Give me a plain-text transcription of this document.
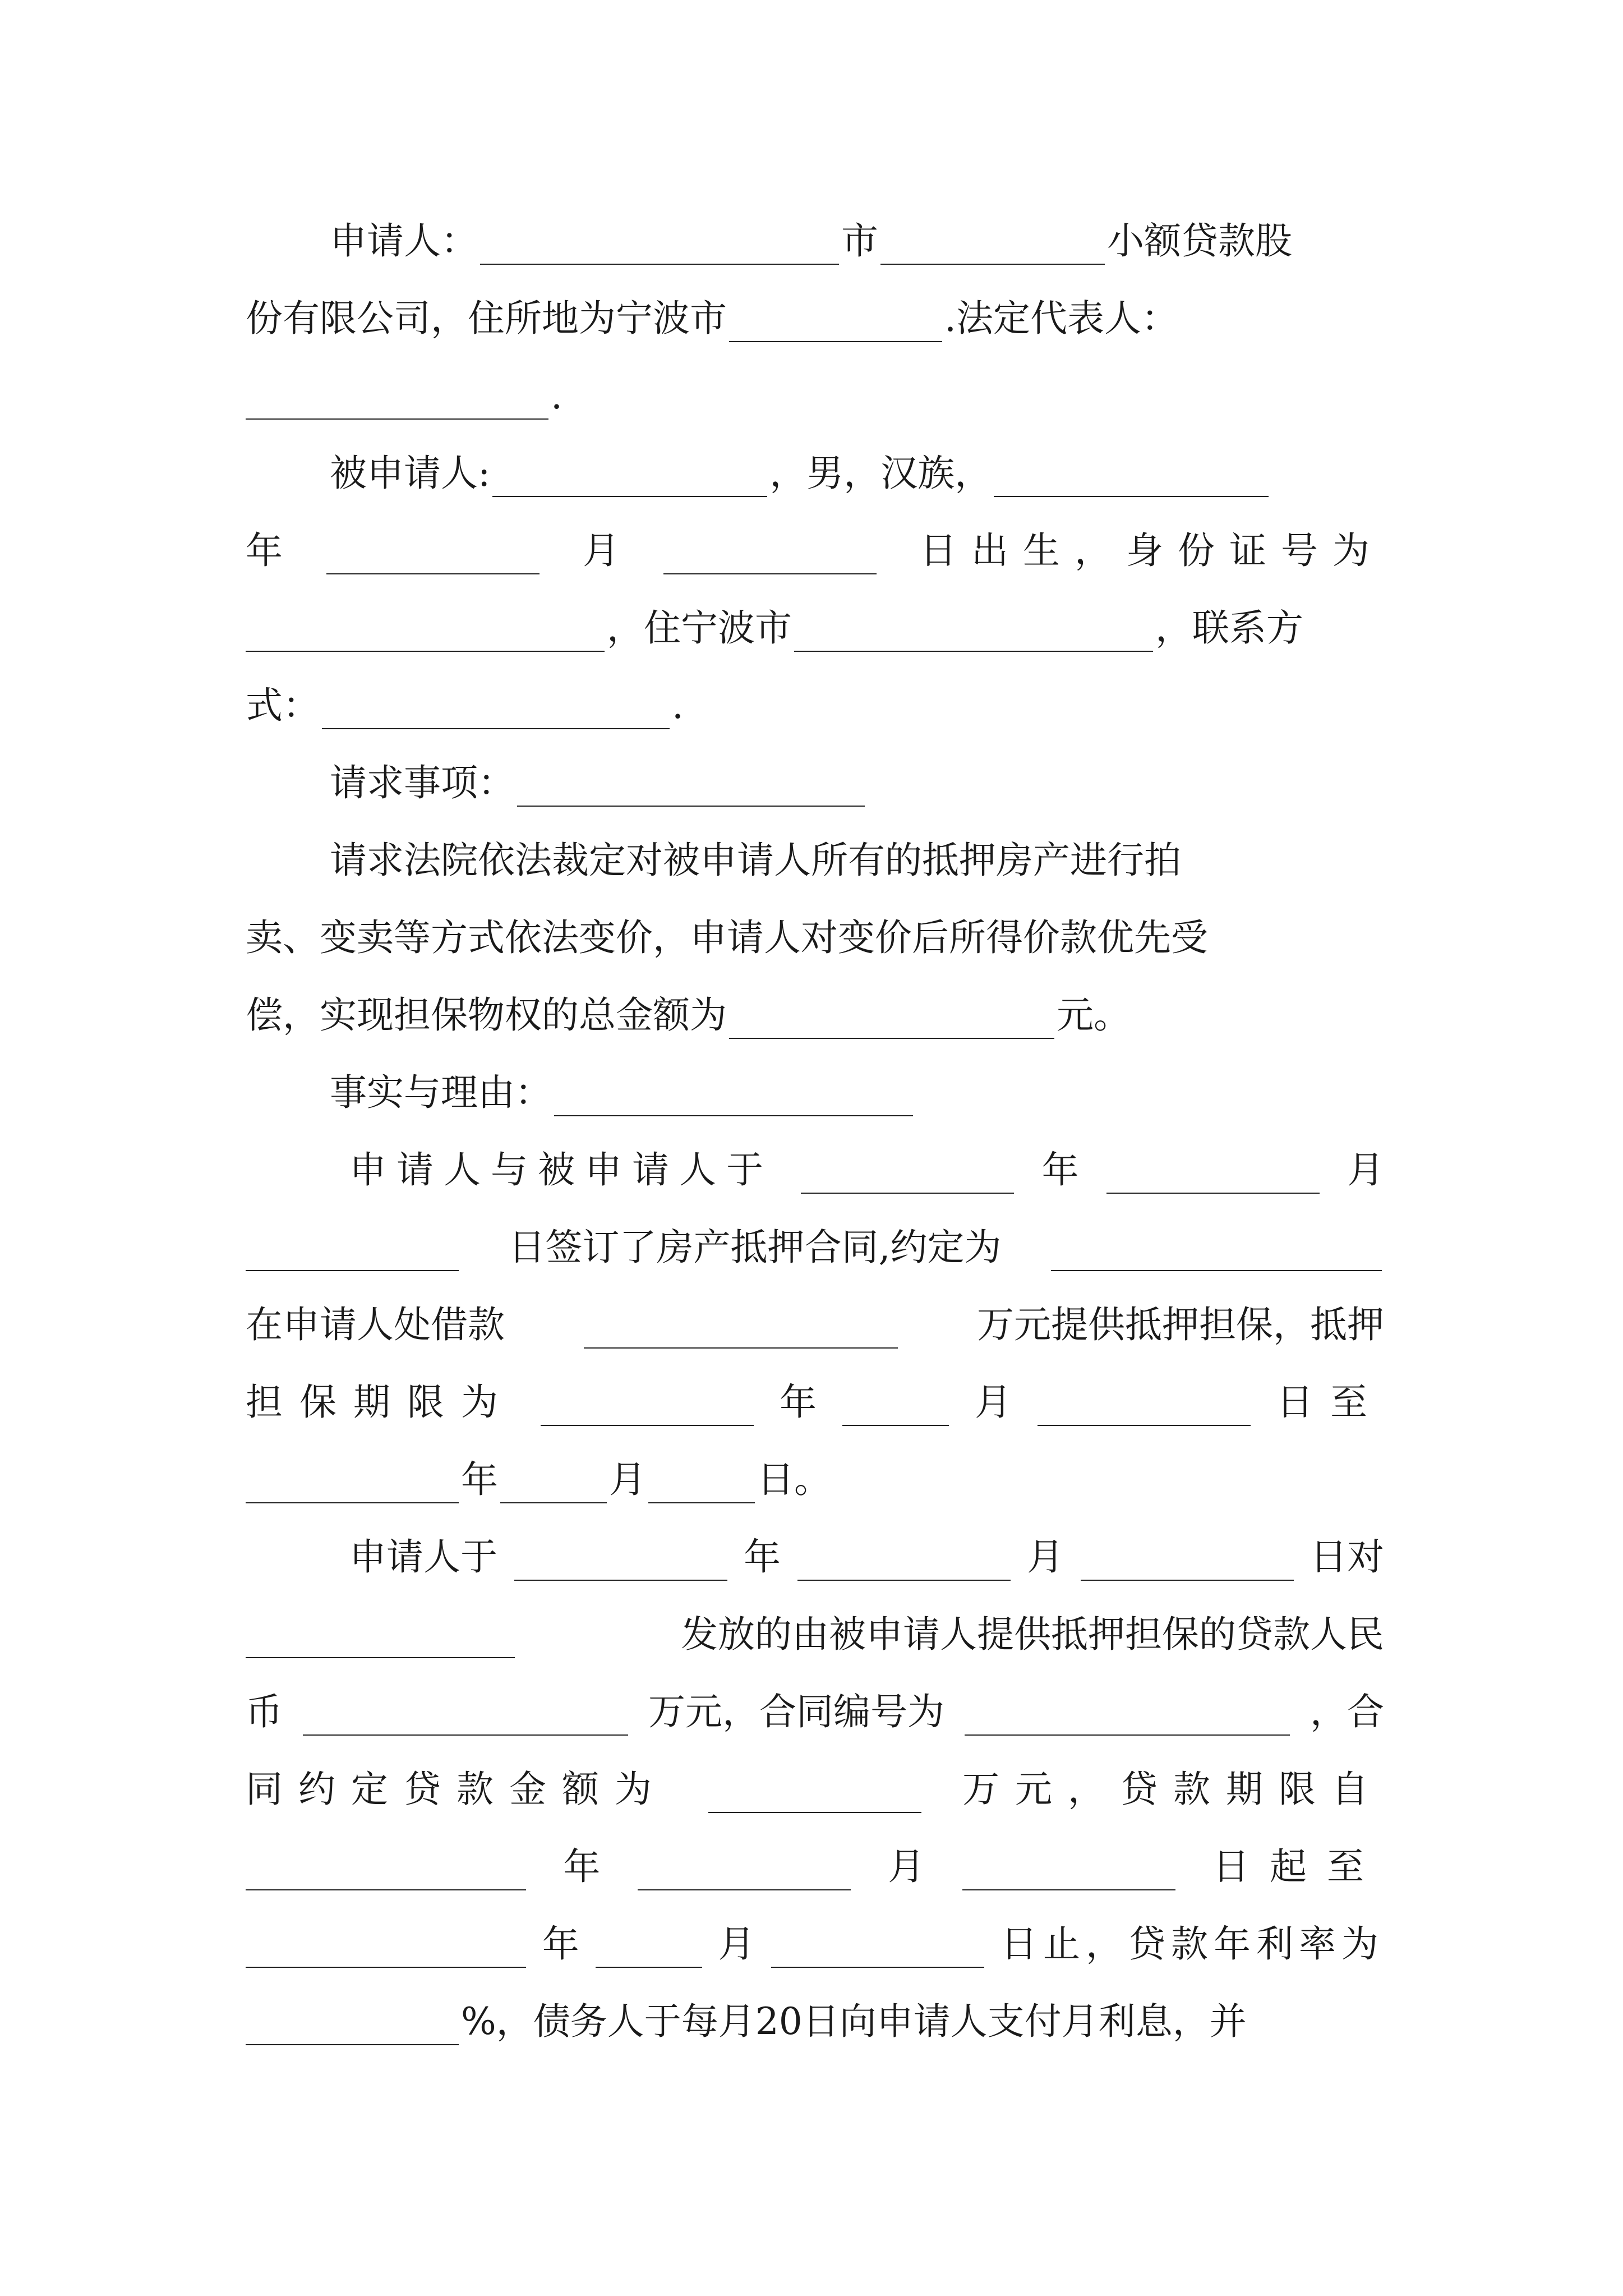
申请人：	市	小额贷款股
份有限公司，住所地为宁波市	.法定代表人：
.
被申请人:	，男，汉族，
年	月	日出生，身份证号为
，住宁波市	，联系方
式：	.
请求事项：
请求法院依法裁定对被申请人所有的抵押房产进行拍
卖、变卖等方式依法变价，申请人对变价后所得价款优先受
偿，实现担保物权的总金额为	元。
事实与理由：
申请人与被申请人于	年	月
日签订了房产抵押合同,约定为
在申请人处借款	万元提供抵押担保，抵押
担保期限为	年	月	日至
年	月	日。
申请人于	年	月	日对
发放的由被申请人提供抵押担保的贷款人民
币	万元，合同编号为	，合
同约定贷款金额为	万元，贷款期限自
年	月	日起至
年	月	日止，贷款年利率为
%，债务人于每月20日向申请人支付月利息，并
